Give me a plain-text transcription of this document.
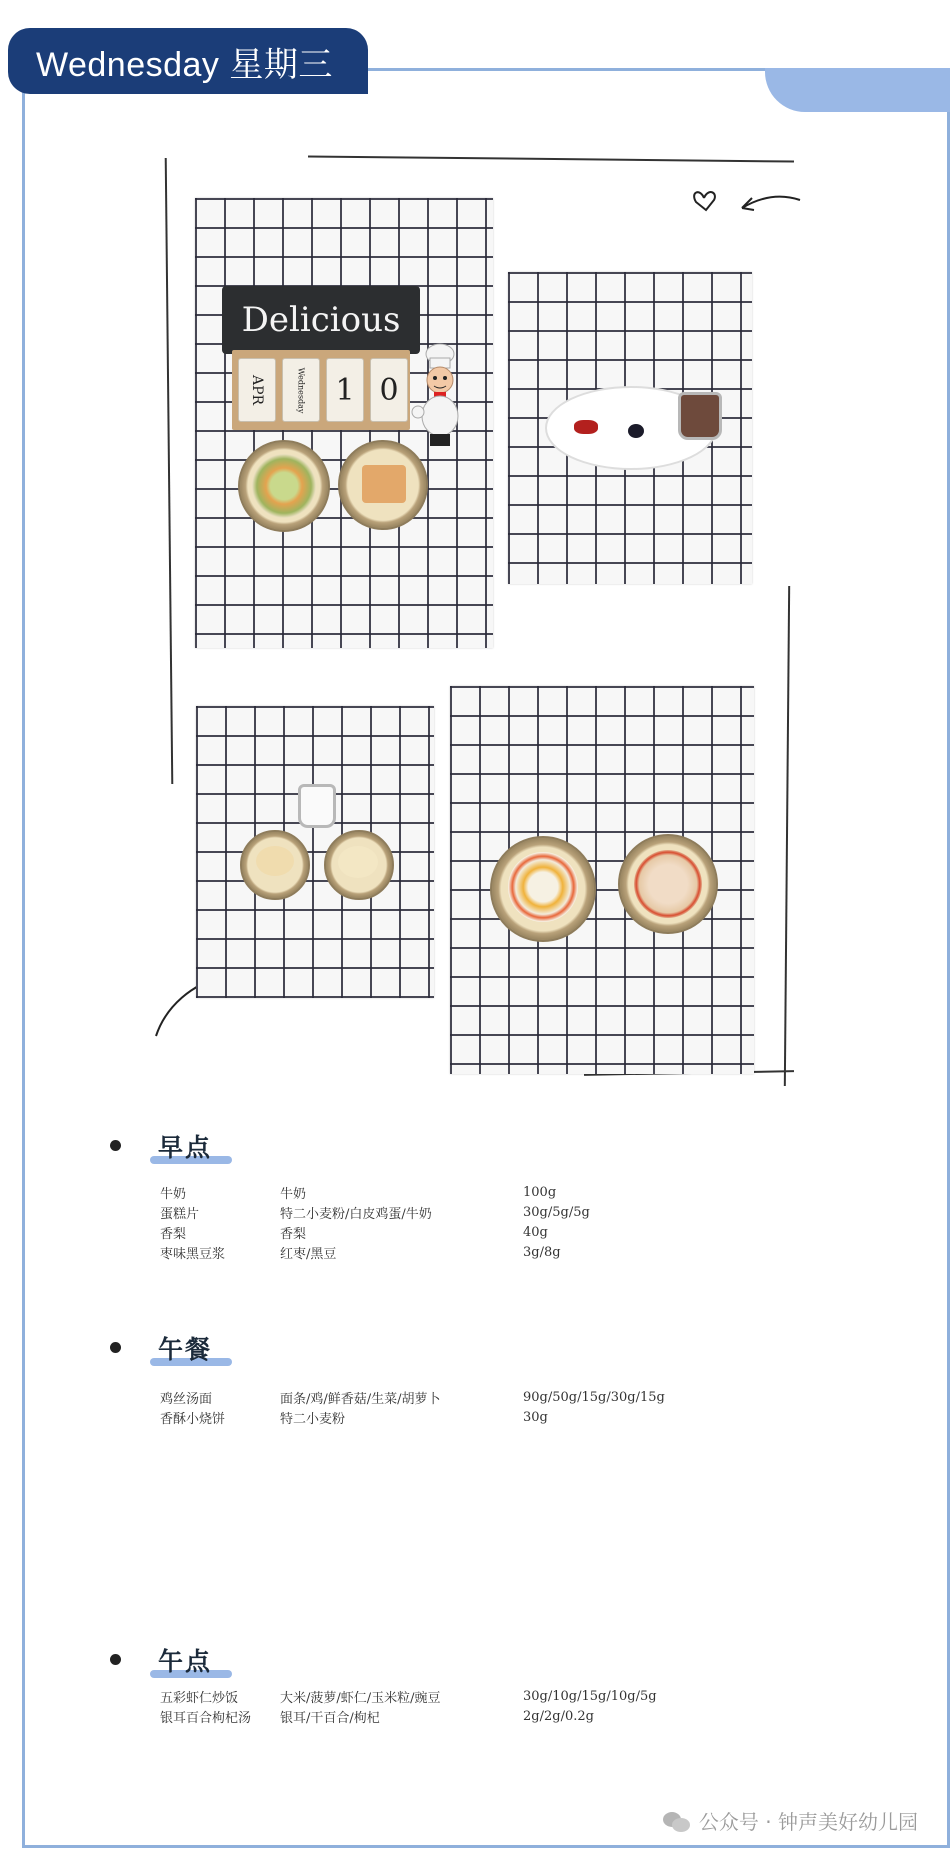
Wednesday 星期三
Delicious
APR	Wednesday 1 0
早点
牛奶	牛奶	100g
蛋糕片	特二小麦粉/白皮鸡蛋/牛奶	30g/5g/5g
香梨	香梨	40g
枣味黑豆浆	红枣/黑豆	3g/8g
午餐
鸡丝汤面	面条/鸡/鲜香菇/生菜/胡萝卜	90g/50g/15g/30g/15g
香酥小烧饼	特二小麦粉	30g
午点
五彩虾仁炒饭	大米/菠萝/虾仁/玉米粒/豌豆	30g/10g/15g/10g/5g
银耳百合枸杞汤	银耳/干百合/枸杞	2g/2g/0.2g
公众号 · 钟声美好幼儿园
